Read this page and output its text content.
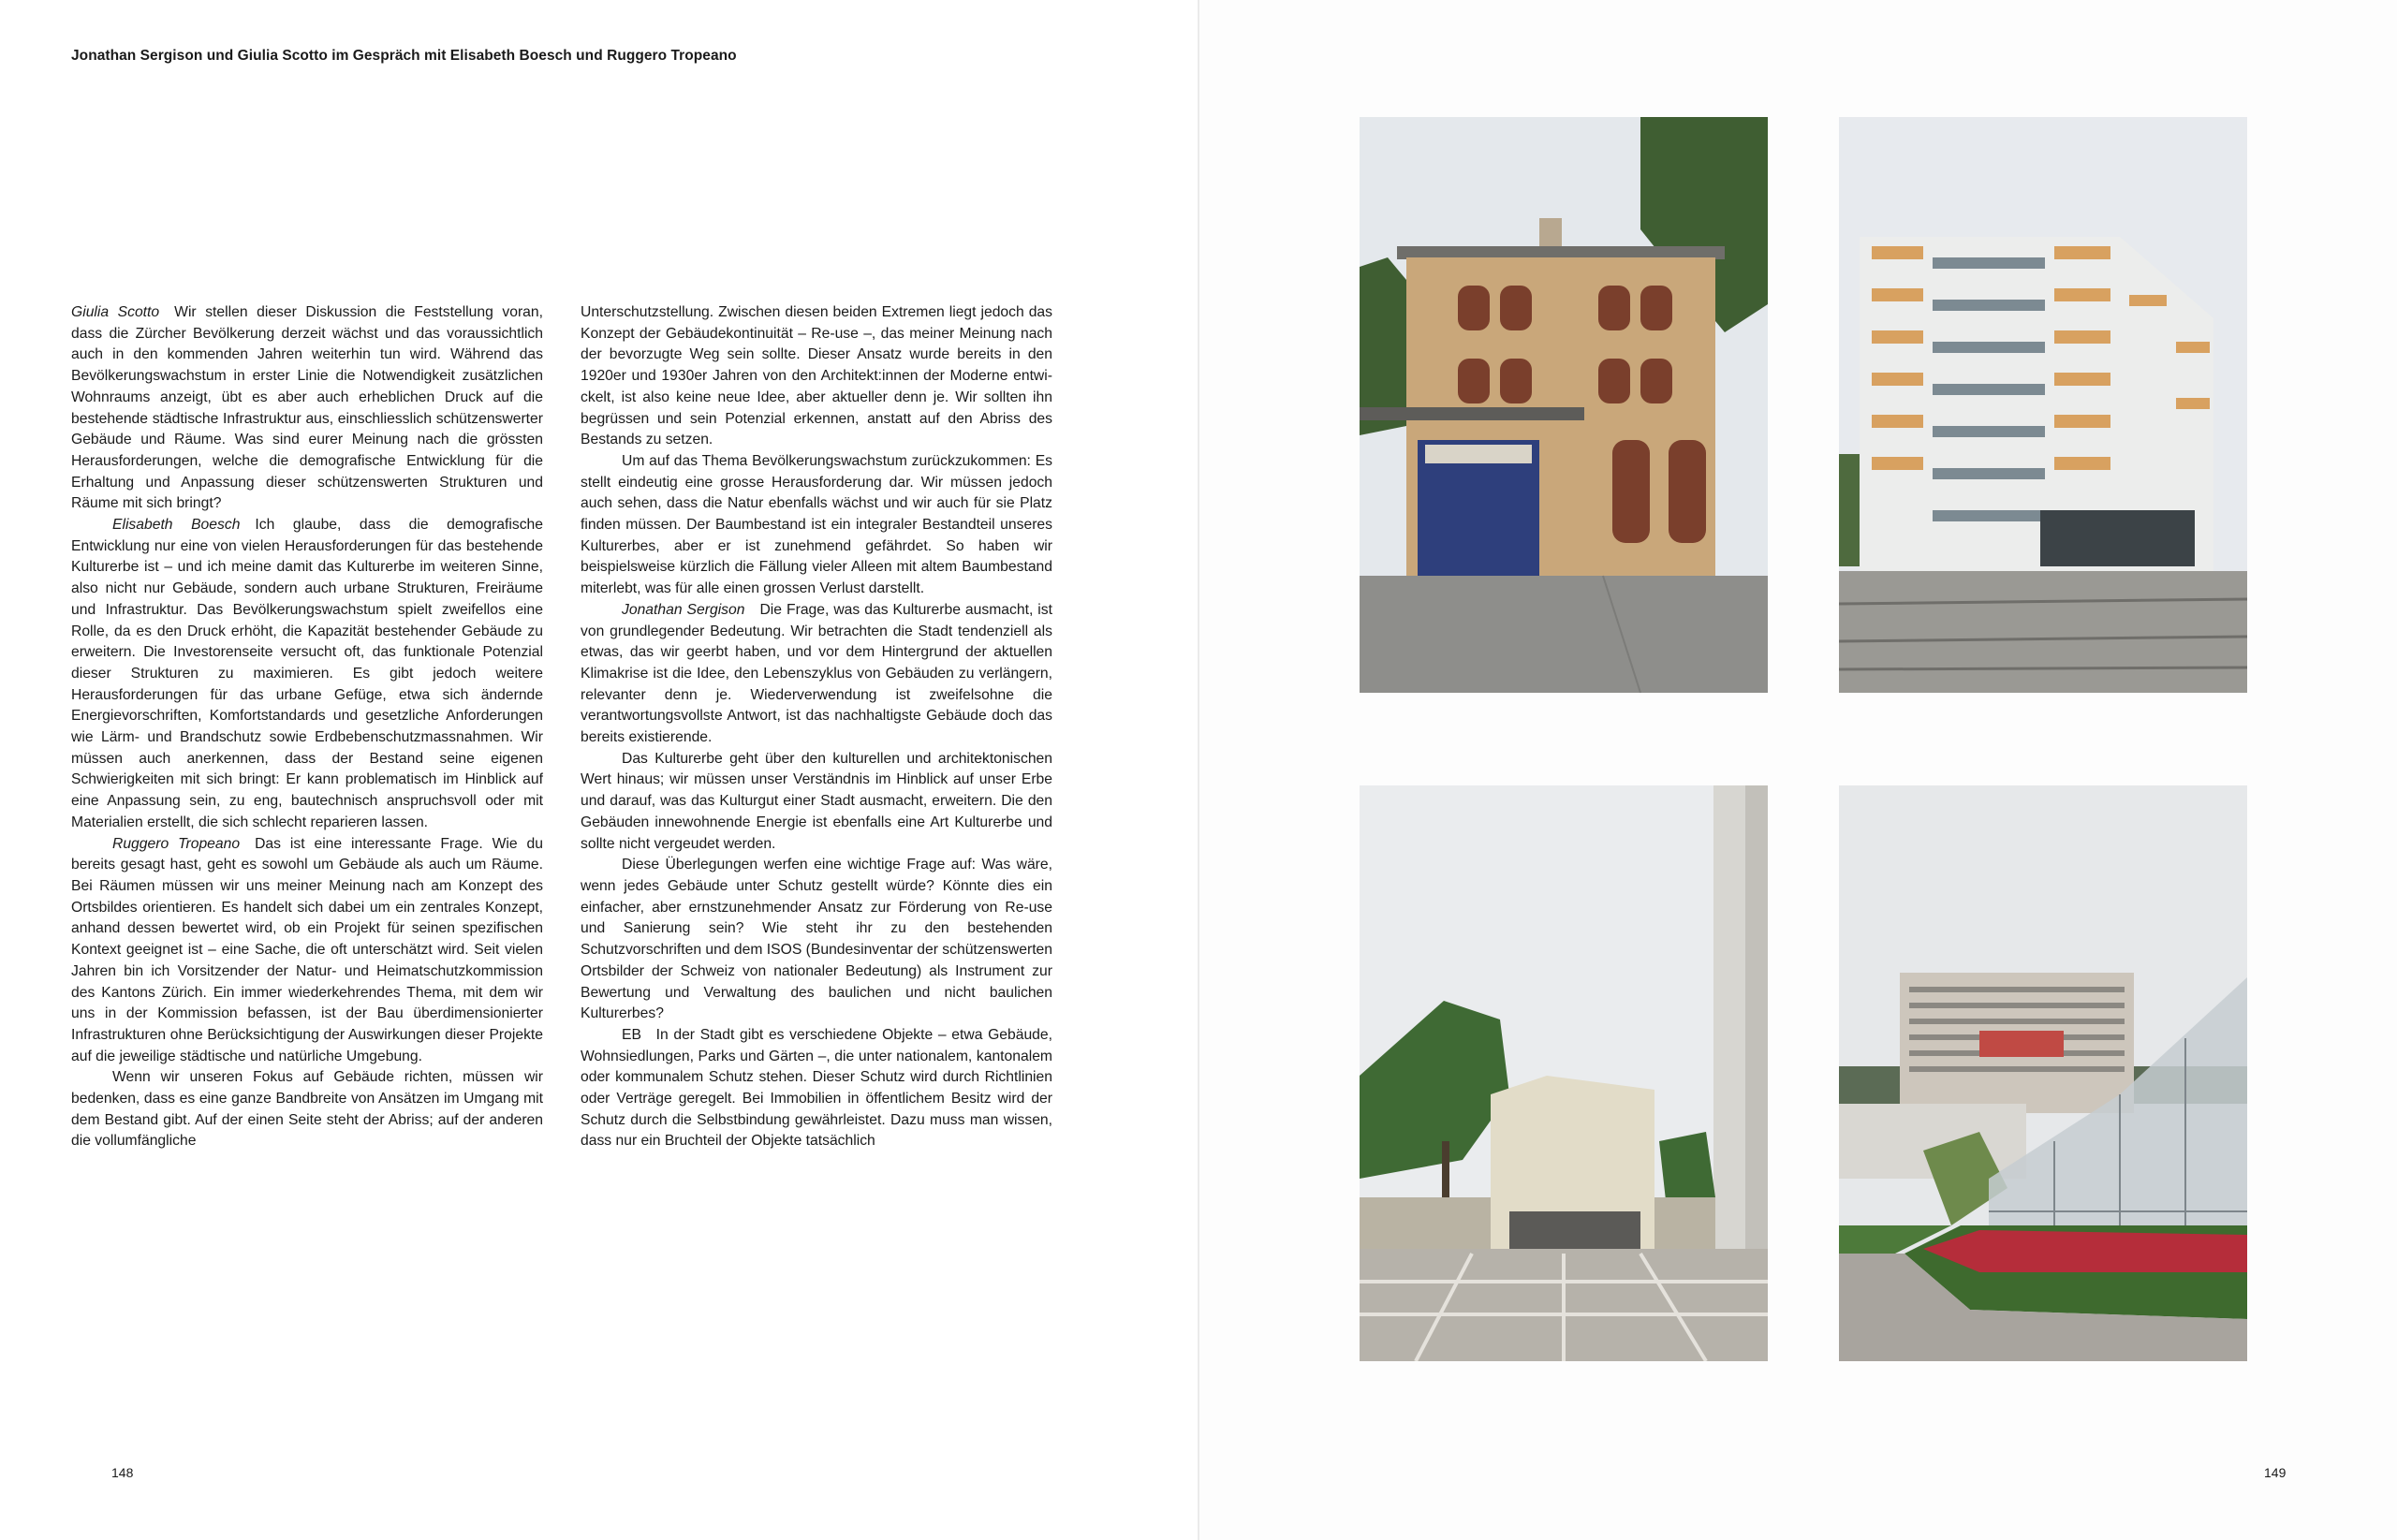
Jonathan Sergison und Giulia Scotto im Gespräch mit Elisabeth Boesch und Ruggero Tropeano

Giulia Scotto Wir stellen dieser Diskussion die Feststellung voran, dass die Zürcher Bevölkerung derzeit wächst und das voraussichtlich auch in den kommenden Jahren weiterhin tun wird. Während das Bevölkerungswachstum in erster Linie die Notwendigkeit zusätzlichen Wohnraums anzeigt, übt es aber auch erheblichen Druck auf die bestehende städtische Infrastruktur aus, einschliesslich schützenswerter Gebäude und Räume. Was sind eurer Meinung nach die grössten Herausforderungen, welche die demografische Entwicklung für die Erhaltung und Anpassung dieser schützenswerten Strukturen und Räume mit sich bringt?

Elisabeth Boesch Ich glaube, dass die demografische Entwicklung nur eine von vielen Herausforderungen für das bestehende Kulturerbe ist – und ich meine damit das Kulturerbe im weiteren Sinne, also nicht nur Gebäude, sondern auch urbane Strukturen, Freiräume und Infrastruktur. Das Bevölkerungswachstum spielt zweifellos eine Rolle, da es den Druck erhöht, die Kapazität bestehender Gebäude zu erweitern. Die Investorenseite versucht oft, das funktionale Potenzial dieser Strukturen zu maximieren. Es gibt jedoch weitere Herausforderungen für das urbane Gefüge, etwa sich ändernde Energievorschriften, Komfortstandards und gesetzliche Anforderungen wie Lärm- und Brandschutz sowie Erdbebenschutzmassnahmen. Wir müssen auch anerkennen, dass der Bestand seine eigenen Schwierigkeiten mit sich bringt: Er kann problematisch im Hinblick auf eine Anpassung sein, zu eng, bautechnisch anspruchsvoll oder mit Materialien erstellt, die sich schlecht reparieren lassen.

Ruggero Tropeano Das ist eine interessante Frage. Wie du bereits gesagt hast, geht es sowohl um Gebäude als auch um Räume. Bei Räumen müssen wir uns meiner Meinung nach am Konzept des Ortsbildes orientieren. Es handelt sich dabei um ein zentrales Konzept, anhand dessen bewertet wird, ob ein Projekt für seinen spezifischen Kontext geeignet ist – eine Sache, die oft unterschätzt wird. Seit vielen Jahren bin ich Vorsitzender der Natur- und Heimatschutzkommission des Kantons Zürich. Ein immer wiederkehrendes Thema, mit dem wir uns in der Kommission befassen, ist der Bau überdimensionierter Infrastrukturen ohne Berücksichtigung der Auswirkungen dieser Projekte auf die jeweilige städtische und natürliche Umgebung.

Wenn wir unseren Fokus auf Gebäude richten, müssen wir bedenken, dass es eine ganze Bandbreite von Ansätzen im Umgang mit dem Bestand gibt. Auf der einen Seite steht der Abriss; auf der anderen die vollumfängliche

Unterschutzstellung. Zwischen diesen beiden Extremen liegt jedoch das Konzept der Gebäudekontinuität – Re-use –, das meiner Meinung nach der bevorzugte Weg sein sollte. Dieser Ansatz wurde bereits in den 1920er und 1930er Jahren von den Architekt:innen der Moderne entwickelt, ist also keine neue Idee, aber aktueller denn je. Wir sollten ihn begrüssen und sein Potenzial erkennen, anstatt auf den Abriss des Bestands zu setzen.

Um auf das Thema Bevölkerungswachstum zurückzukommen: Es stellt eindeutig eine grosse Herausforderung dar. Wir müssen jedoch auch sehen, dass die Natur ebenfalls wächst und wir auch für sie Platz finden müssen. Der Baumbestand ist ein integraler Bestandteil unseres Kulturerbes, aber er ist zunehmend gefährdet. So haben wir beispielsweise kürzlich die Fällung vieler Alleen mit altem Baumbestand miterlebt, was für alle einen grossen Verlust darstellt.

Jonathan Sergison Die Frage, was das Kulturerbe ausmacht, ist von grundlegender Bedeutung. Wir betrachten die Stadt tendenziell als etwas, das wir geerbt haben, und vor dem Hintergrund der aktuellen Klimakrise ist die Idee, den Lebenszyklus von Gebäuden zu verlängern, relevanter denn je. Wiederverwendung ist zweifelsohne die verantwortungsvollste Antwort, ist das nachhaltigste Gebäude doch das bereits existierende.

Das Kulturerbe geht über den kulturellen und architektonischen Wert hinaus; wir müssen unser Verständnis im Hinblick auf unser Erbe und darauf, was das Kulturgut einer Stadt ausmacht, erweitern. Die den Gebäuden innewohnende Energie ist ebenfalls eine Art Kulturerbe und sollte nicht vergeudet werden.

Diese Überlegungen werfen eine wichtige Frage auf: Was wäre, wenn jedes Gebäude unter Schutz gestellt würde? Könnte dies ein einfacher, aber ernstzunehmender Ansatz zur Förderung von Re-use und Sanierung sein? Wie steht ihr zu den bestehenden Schutzvorschriften und dem ISOS (Bundesinventar der schützenswerten Ortsbilder der Schweiz von nationaler Bedeutung) als Instrument zur Bewertung und Verwaltung des baulichen und nicht baulichen Kulturerbes?

EB In der Stadt gibt es verschiedene Objekte – etwa Gebäude, Wohnsiedlungen, Parks und Gärten –, die unter nationalem, kantonalem oder kommunalem Schutz stehen. Dieser Schutz wird durch Richtlinien oder Verträge geregelt. Bei Immobilien in öffentlichem Besitz wird der Schutz durch die Selbstbindung gewährleistet. Dazu muss man wissen, dass nur ein Bruchteil der Objekte tatsächlich

148	149
